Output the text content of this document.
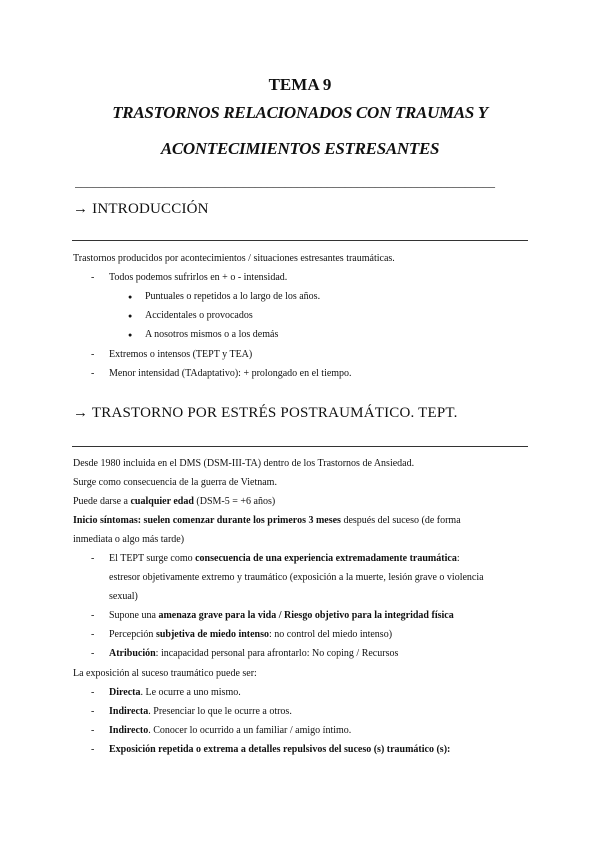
TEMA 9
TRASTORNOS RELACIONADOS CON TRAUMAS Y
ACONTECIMIENTOS ESTRESANTES
______________________________________________________________________
→ INTRODUCCIÓN
Trastornos producidos por acontecimientos / situaciones estresantes traumáticas.
- Todos podemos sufrirlos en + o - intensidad.
● Puntuales o repetidos a lo largo de los años.
● Accidentales o provocados
● A nosotros mismos o a los demás
- Extremos o intensos (TEPT y TEA)
- Menor intensidad (TAdaptativo): + prolongado en el tiempo.
→ TRASTORNO POR ESTRÉS POSTRAUMÁTICO. TEPT.
Desde 1980 incluida en el DMS (DSM-III-TA) dentro de los Trastornos de Ansiedad.
Surge como consecuencia de la guerra de Vietnam.
Puede darse a cualquier edad (DSM-5 = +6 años)
Inicio síntomas: suelen comenzar durante los primeros 3 meses después del suceso (de forma
inmediata o algo más tarde)
- El TEPT surge como consecuencia de una experiencia extremadamente traumática:
estresor objetivamente extremo y traumático (exposición a la muerte, lesión grave o violencia
sexual)
- Supone una amenaza grave para la vida / Riesgo objetivo para la integridad física
- Percepción subjetiva de miedo intenso: no control del miedo intenso)
- Atribución: incapacidad personal para afrontarlo: No coping / Recursos
La exposición al suceso traumático puede ser:
- Directa. Le ocurre a uno mismo.
- Indirecta. Presenciar lo que le ocurre a otros.
- Indirecto. Conocer lo ocurrido a un familiar / amigo íntimo.
- Exposición repetida o extrema a detalles repulsivos del suceso (s) traumático (s):
